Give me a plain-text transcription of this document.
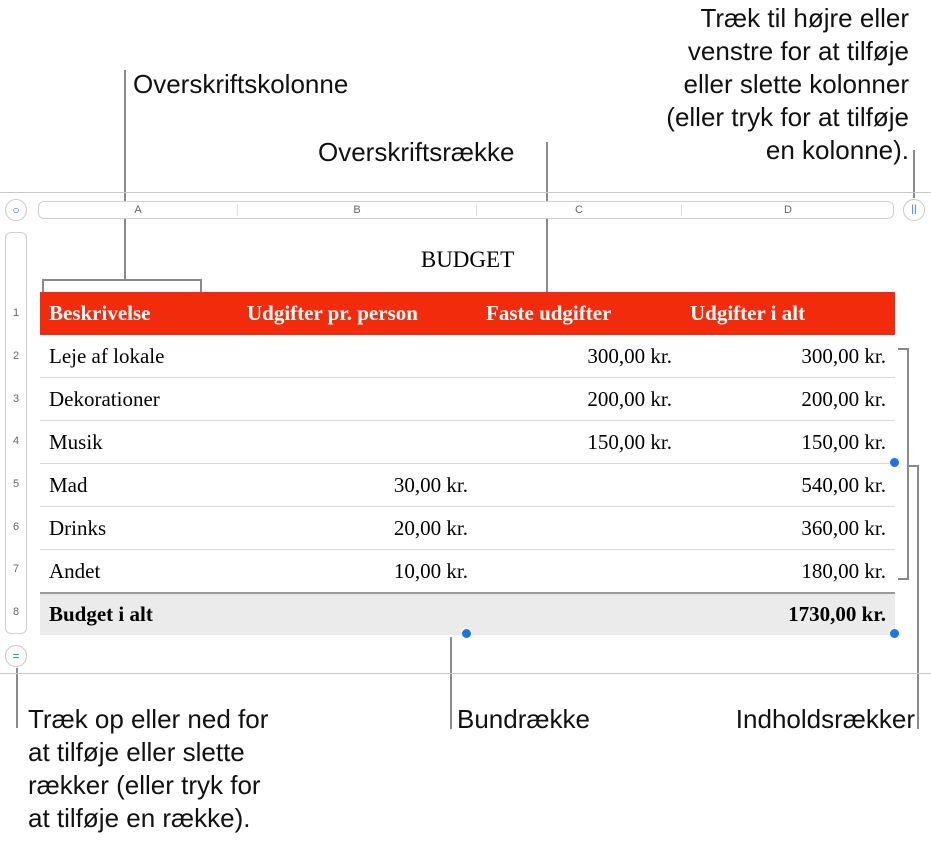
Overskriftskolonne
Overskriftsrække
Træk til højre eller
venstre for at tilføje
eller slette kolonner
(eller tryk for at tilføje
en kolonne).
Træk op eller ned for
at tilføje eller slette
rækker (eller tryk for
at tilføje en række).
Bundrække	Indholdsrækker
○	A	B	C	D	||
1
2
3
4
5
6
7
8
=
BUDGET
Beskrivelse	Udgifter pr. person	Faste udgifter	Udgifter i alt
Leje af lokale		300,00 kr.	300,00 kr.
Dekorationer		200,00 kr.	200,00 kr.
Musik		150,00 kr.	150,00 kr.
Mad	30,00 kr.		540,00 kr.
Drinks	20,00 kr.		360,00 kr.
Andet	10,00 kr.		180,00 kr.
Budget i alt			1730,00 kr.
